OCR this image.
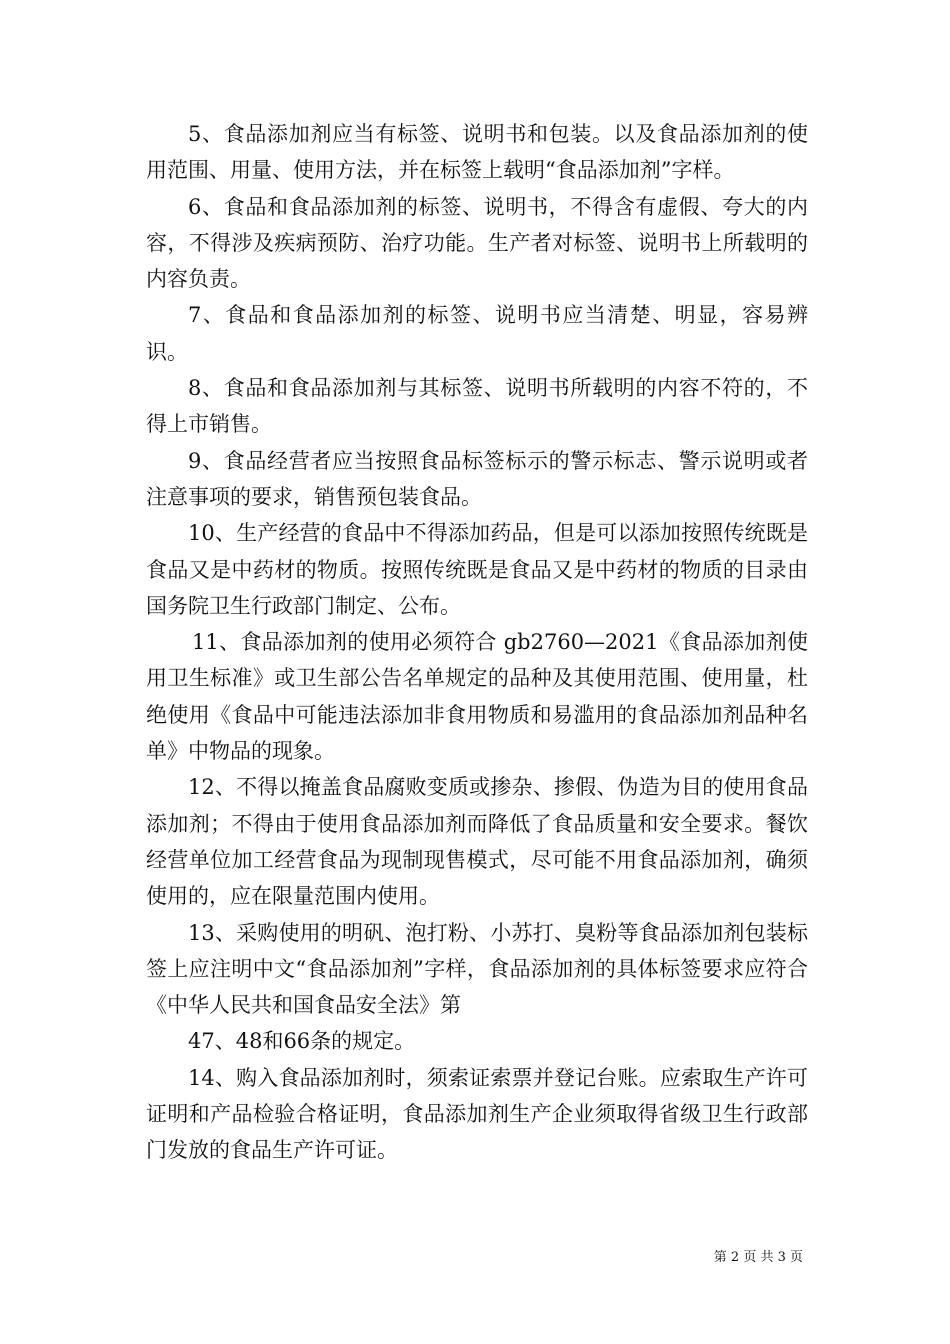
5、食品添加剂应当有标签、说明书和包装。以及食品添加剂的使用范围、用量、使用方法，并在标签上载明“食品添加剂”字样。

6、食品和食品添加剂的标签、说明书，不得含有虚假、夸大的内容，不得涉及疾病预防、治疗功能。生产者对标签、说明书上所载明的内容负责。

7、食品和食品添加剂的标签、说明书应当清楚、明显，容易辨识。

8、食品和食品添加剂与其标签、说明书所载明的内容不符的，不得上市销售。

9、食品经营者应当按照食品标签标示的警示标志、警示说明或者注意事项的要求，销售预包装食品。

10、生产经营的食品中不得添加药品，但是可以添加按照传统既是食品又是中药材的物质。按照传统既是食品又是中药材的物质的目录由国务院卫生行政部门制定、公布。

11、食品添加剂的使用必须符合 gb2760—2021《食品添加剂使用卫生标准》或卫生部公告名单规定的品种及其使用范围、使用量，杜绝使用《食品中可能违法添加非食用物质和易滥用的食品添加剂品种名单》中物品的现象。

12、不得以掩盖食品腐败变质或掺杂、掺假、伪造为目的使用食品添加剂；不得由于使用食品添加剂而降低了食品质量和安全要求。餐饮经营单位加工经营食品为现制现售模式，尽可能不用食品添加剂，确须使用的，应在限量范围内使用。

13、采购使用的明矾、泡打粉、小苏打、臭粉等食品添加剂包装标签上应注明中文“食品添加剂”字样，食品添加剂的具体标签要求应符合《中华人民共和国食品安全法》第

47、48和66条的规定。

14、购入食品添加剂时，须索证索票并登记台账。应索取生产许可证明和产品检验合格证明，食品添加剂生产企业须取得省级卫生行政部门发放的食品生产许可证。

第 2 页 共 3 页
